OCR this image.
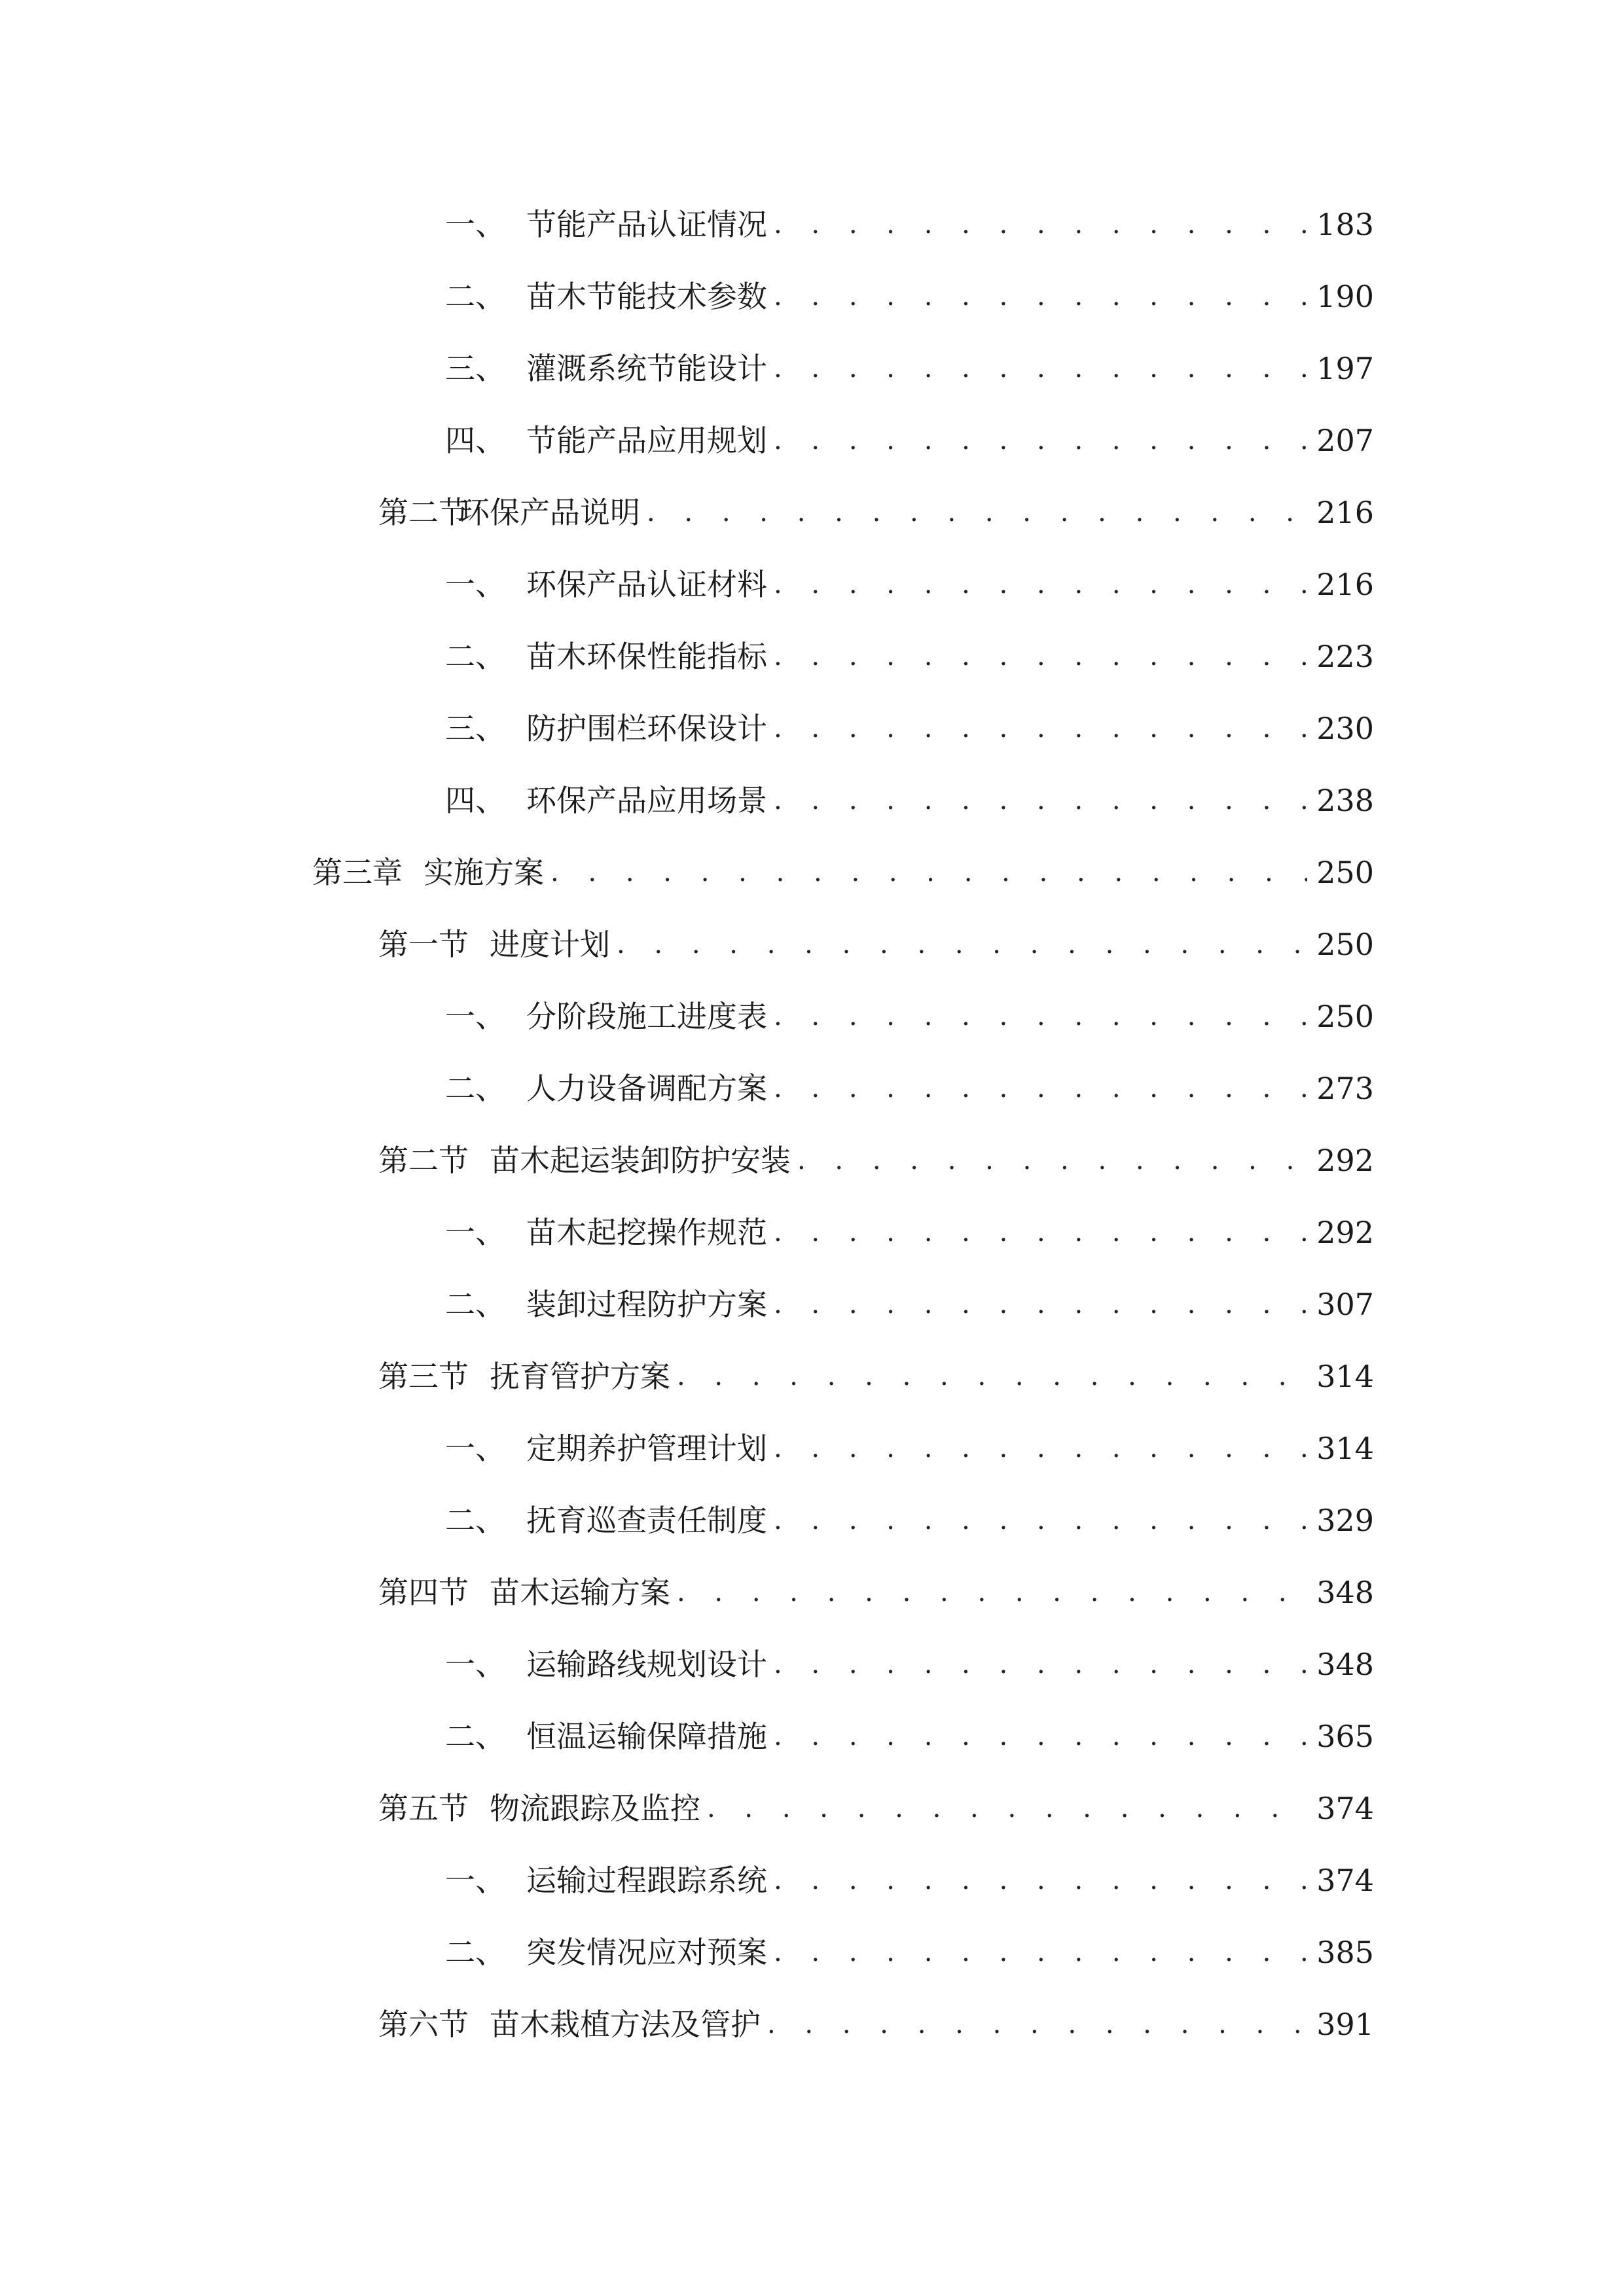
一、 节能产品认证情况 . . .	183
二、 苗木节能技术参数 . . .	190
三、 灌溉系统节能设计 . . .	197
四、 节能产品应用规划 . . .	207
第二节环保产品说明 . . .	216
一、 环保产品认证材料 . . .	216
二、 苗木环保性能指标 . . .	223
三、 防护围栏环保设计 . . .	230
四、 环保产品应用场景 . . .	238
第三章 实施方案 . . .	250
第一节 进度计划 . . .	250
一、 分阶段施工进度表 . . .	250
二、 人力设备调配方案 . . .	273
第二节 苗木起运装卸防护安装 . . .	292
一、 苗木起挖操作规范 . . .	292
二、 装卸过程防护方案 . . .	307
第三节 抚育管护方案 . . .	314
一、 定期养护管理计划 . . .	314
二、 抚育巡查责任制度 . . .	329
第四节 苗木运输方案 . . .	348
一、 运输路线规划设计 . . .	348
二、 恒温运输保障措施 . . .	365
第五节 物流跟踪及监控 . . .	374
一、 运输过程跟踪系统 . . .	374
二、 突发情况应对预案 . . .	385
第六节 苗木栽植方法及管护 . . .	391
